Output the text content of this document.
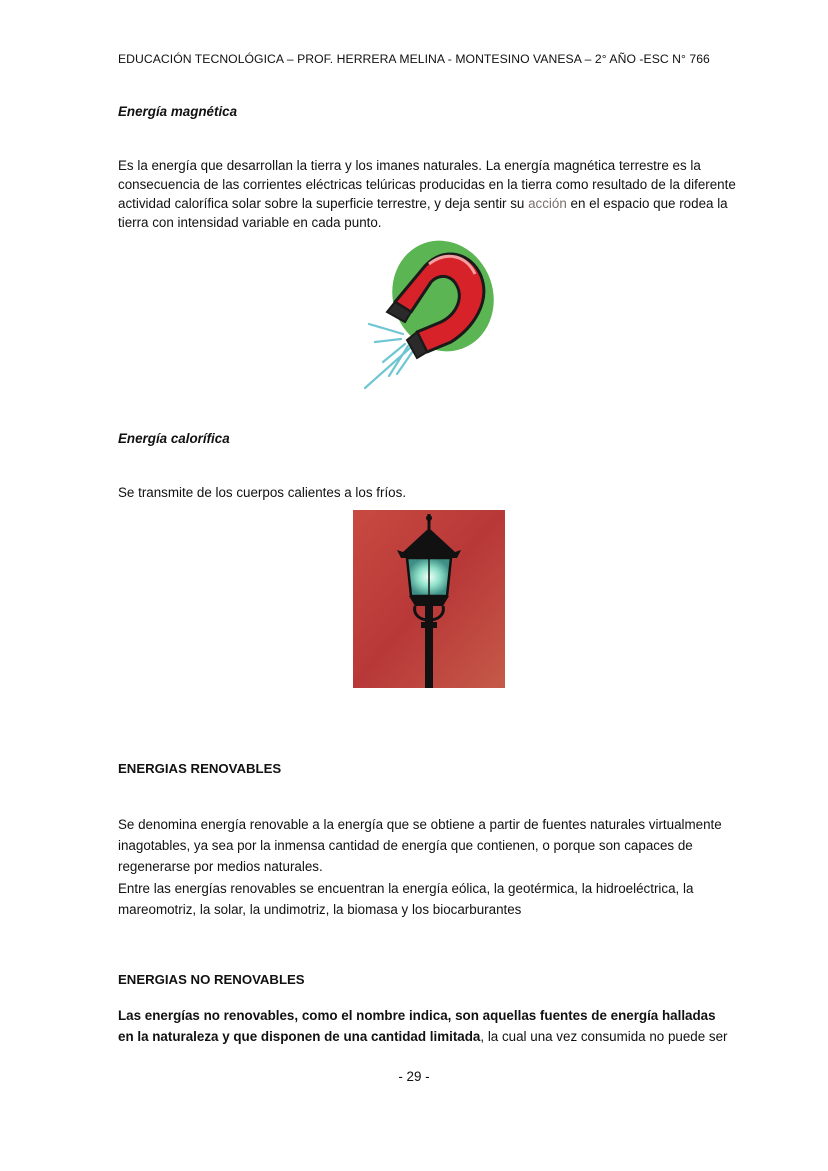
EDUCACIÓN TECNOLÓGICA – PROF. HERRERA MELINA - MONTESINO VANESA – 2° AÑO -ESC N° 766
Energía magnética
Es la energía que desarrollan la tierra y los imanes naturales. La energía magnética terrestre es la consecuencia de las corrientes eléctricas telúricas producidas en la tierra como resultado de la diferente actividad calorífica solar sobre la superficie terrestre, y deja sentir su acción en el espacio que rodea la tierra con intensidad variable en cada punto.
Energía calorífica
Se transmite de los cuerpos calientes a los fríos.
ENERGIAS RENOVABLES
Se denomina energía renovable a la energía que se obtiene a partir de fuentes naturales virtualmente inagotables, ya sea por la inmensa cantidad de energía que contienen, o porque son capaces de regenerarse por medios naturales.
Entre las energías renovables se encuentran la energía eólica, la geotérmica, la hidroeléctrica, la mareomotriz, la solar, la undimotriz, la biomasa y los biocarburantes
ENERGIAS NO RENOVABLES
Las energías no renovables, como el nombre indica, son aquellas fuentes de energía halladas en la naturaleza y que disponen de una cantidad limitada, la cual una vez consumida no puede ser
- 29 -
